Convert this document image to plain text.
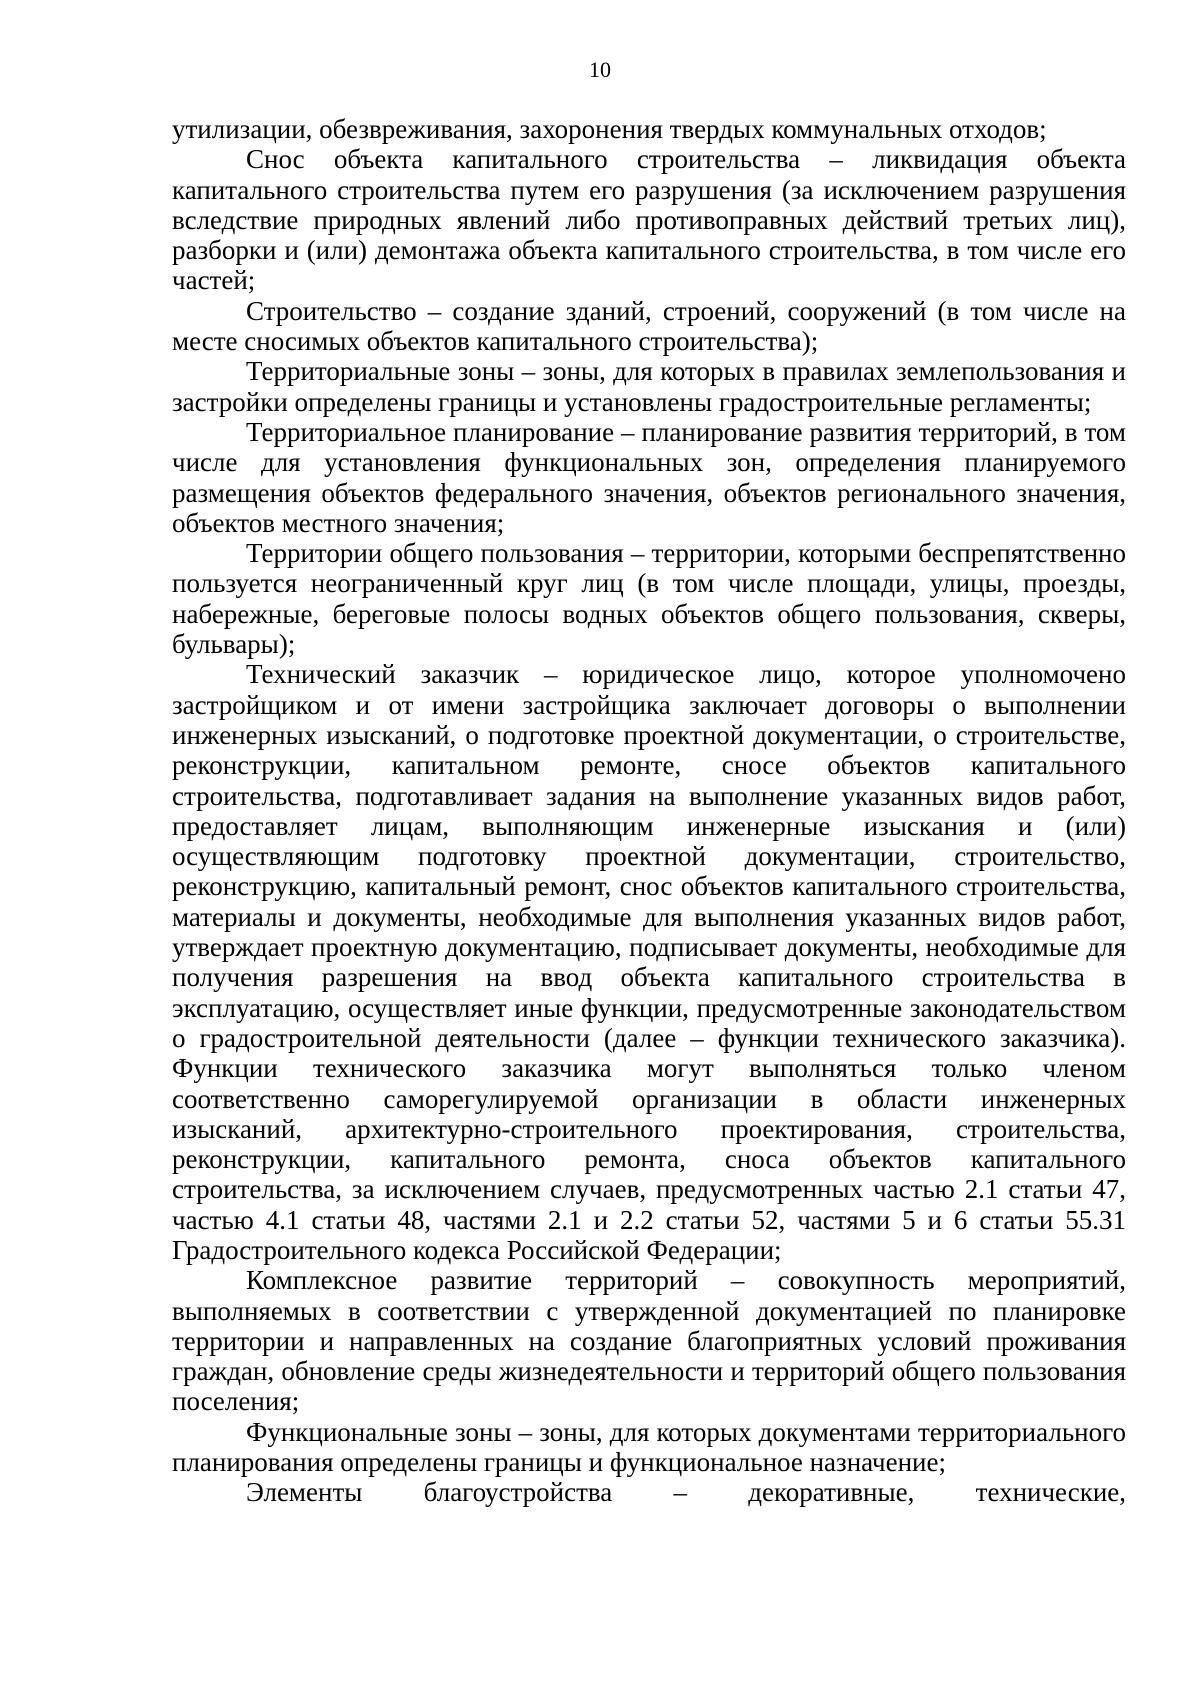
10

утилизации, обезвреживания, захоронения твердых коммунальных отходов;

Снос объекта капитального строительства – ликвидация объекта капитального строительства путем его разрушения (за исключением разрушения вследствие природных явлений либо противоправных действий третьих лиц), разборки и (или) демонтажа объекта капитального строительства, в том числе его частей;

Строительство – создание зданий, строений, сооружений (в том числе на месте сносимых объектов капитального строительства);

Территориальные зоны – зоны, для которых в правилах землепользования и застройки определены границы и установлены градостроительные регламенты;

Территориальное планирование – планирование развития территорий, в том числе для установления функциональных зон, определения планируемого размещения объектов федерального значения, объектов регионального значения, объектов местного значения;

Территории общего пользования – территории, которыми беспрепятственно пользуется неограниченный круг лиц (в том числе площади, улицы, проезды, набережные, береговые полосы водных объектов общего пользования, скверы, бульвары);

Технический заказчик – юридическое лицо, которое уполномочено застройщиком и от имени застройщика заключает договоры о выполнении инженерных изысканий, о подготовке проектной документации, о строительстве, реконструкции, капитальном ремонте, сносе объектов капитального строительства, подготавливает задания на выполнение указанных видов работ, предоставляет лицам, выполняющим инженерные изыскания и (или) осуществляющим подготовку проектной документации, строительство, реконструкцию, капитальный ремонт, снос объектов капитального строительства, материалы и документы, необходимые для выполнения указанных видов работ, утверждает проектную документацию, подписывает документы, необходимые для получения разрешения на ввод объекта капитального строительства в эксплуатацию, осуществляет иные функции, предусмотренные законодательством о градостроительной деятельности (далее – функции технического заказчика). Функции технического заказчика могут выполняться только членом соответственно саморегулируемой организации в области инженерных изысканий, архитектурно-строительного проектирования, строительства, реконструкции, капитального ремонта, сноса объектов капитального строительства, за исключением случаев, предусмотренных частью 2.1 статьи 47, частью 4.1 статьи 48, частями 2.1 и 2.2 статьи 52, частями 5 и 6 статьи 55.31 Градостроительного кодекса Российской Федерации;

Комплексное развитие территорий – совокупность мероприятий, выполняемых в соответствии с утвержденной документацией по планировке территории и направленных на создание благоприятных условий проживания граждан, обновление среды жизнедеятельности и территорий общего пользования поселения;

Функциональные зоны – зоны, для которых документами территориального планирования определены границы и функциональное назначение;

Элементы благоустройства – декоративные, технические,
